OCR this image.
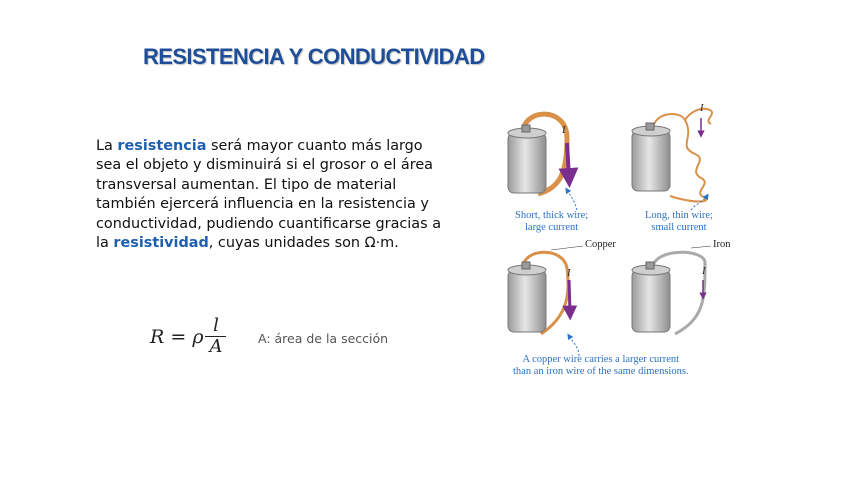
RESISTENCIA Y CONDUCTIVIDAD
La resistencia será mayor cuanto más largo sea el objeto y disminuirá si el grosor o el área transversal aumentan. El tipo de material también ejercerá influencia en la resistencia y conductividad, pudiendo cuantificarse gracias a la resistividad, cuyas unidades son Ω·m.
R = ρ $\frac{l}{A}$	A: área de la sección
I
I
I	I
Short, thick wire;
large current
Long, thin wire;
small current
Copper	Iron
A copper wire carries a larger current
than an iron wire of the same dimensions.
